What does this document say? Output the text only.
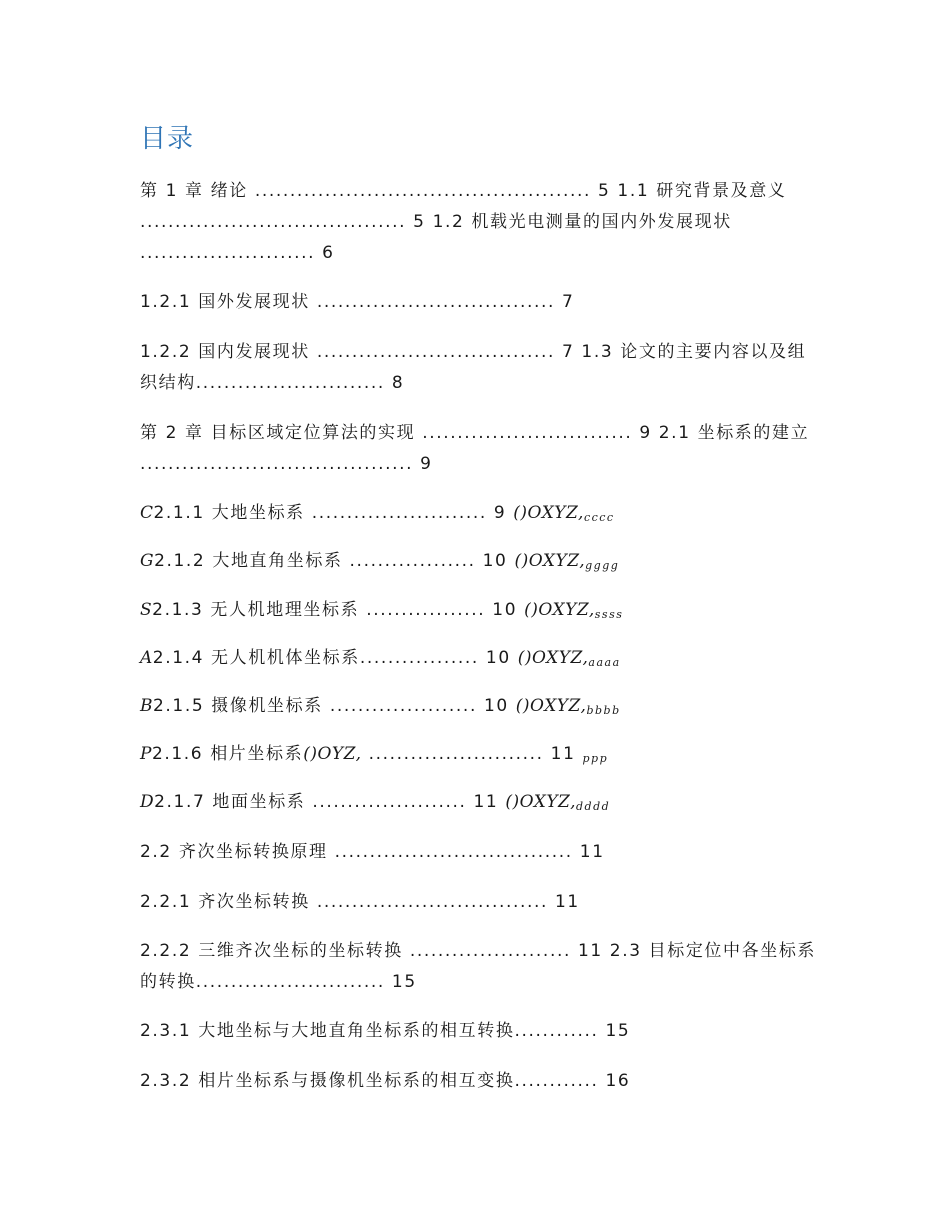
目录
第 1 章 绪论 ................................................ 5 1.1 研究背景及意义 ...................................... 5 1.2 机载光电测量的国内外发展现状 ......................... 6
1.2.1 国外发展现状 .................................. 7
1.2.2 国内发展现状 .................................. 7 1.3 论文的主要内容以及组织结构........................... 8
第 2 章 目标区域定位算法的实现 .............................. 9 2.1 坐标系的建立 ....................................... 9
C2.1.1 大地坐标系 ......................... 9 $()OXYZ,_{cccc}$
G2.1.2 大地直角坐标系 .................. 10 $()OXYZ,_{gggg}$
S2.1.3 无人机地理坐标系 ................. 10 $()OXYZ,_{ssss}$
A2.1.4 无人机机体坐标系................. 10 $()OXYZ,_{aaaa}$
B2.1.5 摄像机坐标系 ..................... 10 $()OXYZ,_{bbbb}$
P2.1.6 相片坐标系()OYZ, ......................... 11 $_{ppp}$
D2.1.7 地面坐标系 ...................... 11 $()OXYZ,_{dddd}$
2.2 齐次坐标转换原理 .................................. 11
2.2.1 齐次坐标转换 ................................. 11
2.2.2 三维齐次坐标的坐标转换 ....................... 11 2.3 目标定位中各坐标系的转换........................... 15
2.3.1 大地坐标与大地直角坐标系的相互转换............ 15
2.3.2 相片坐标系与摄像机坐标系的相互变换............ 16
